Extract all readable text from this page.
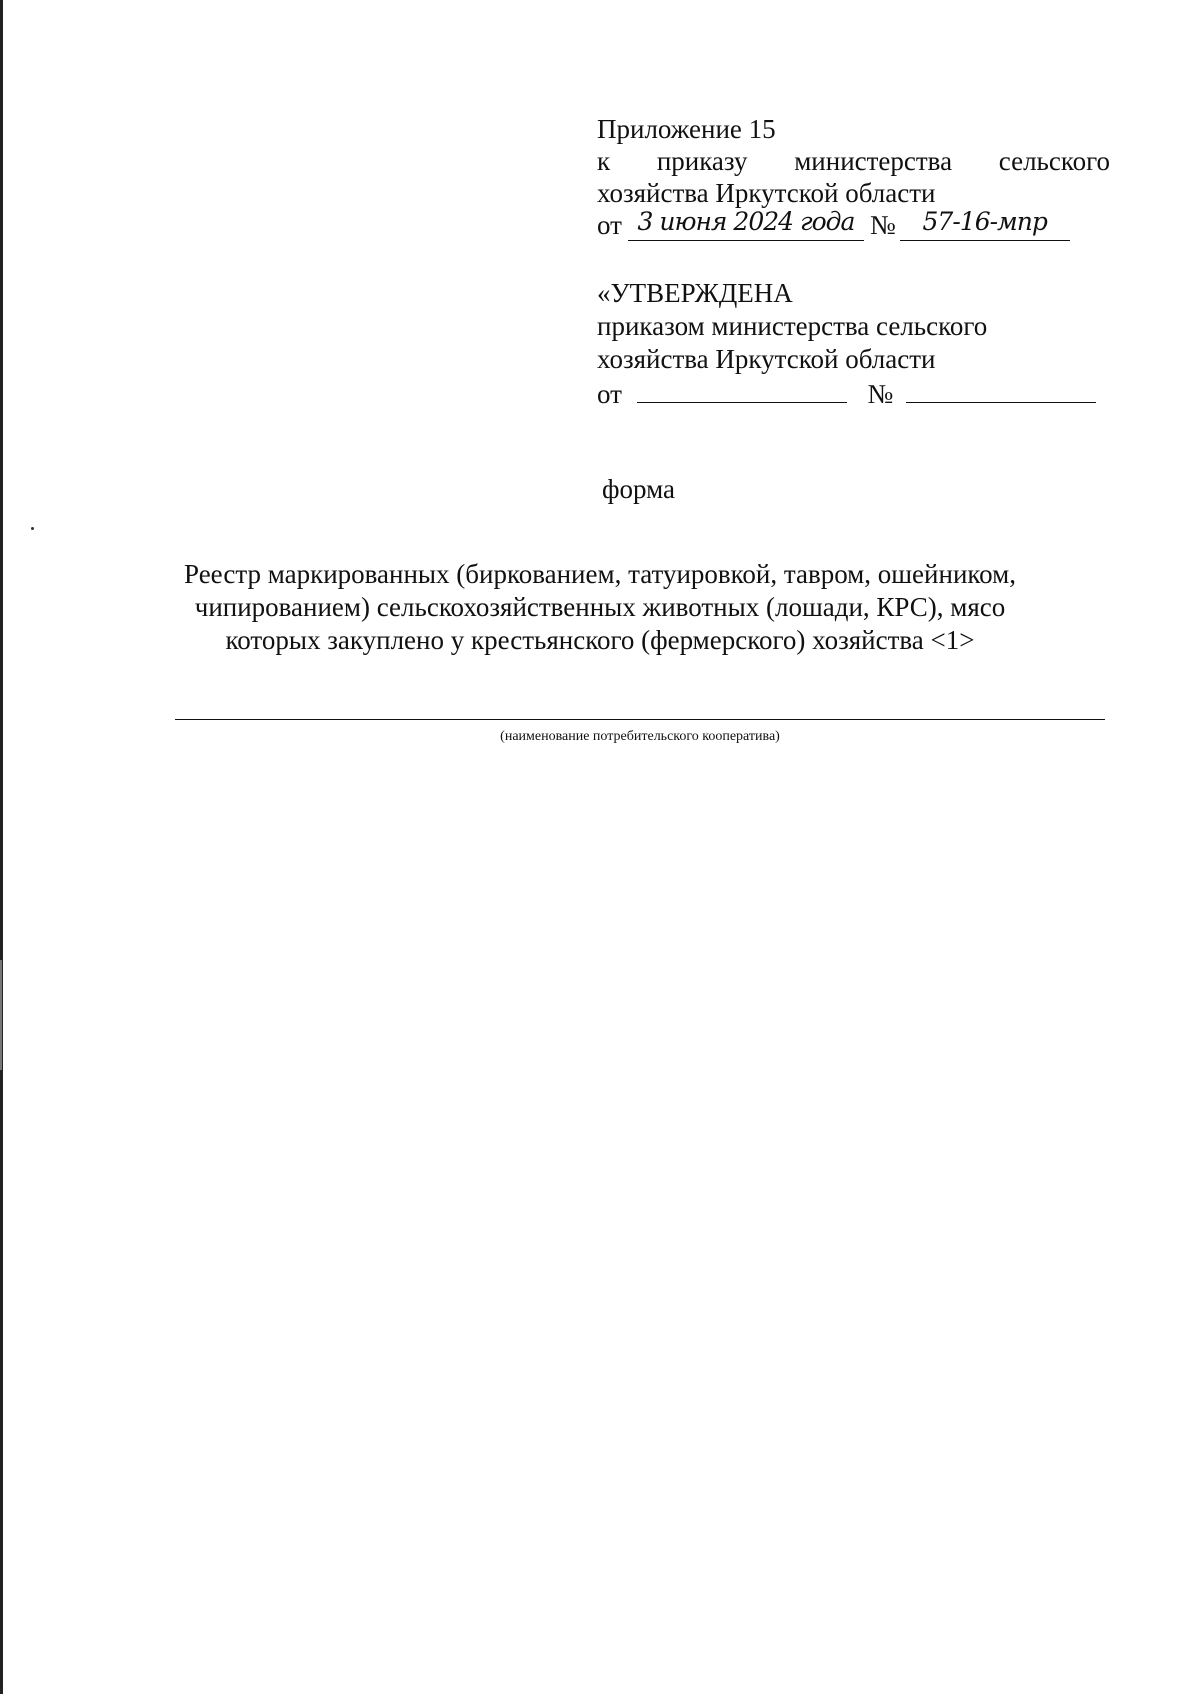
Приложение 15
к приказу министерства сельского
хозяйства Иркутской области
от 3 июня 2024 года №	57-16-мпр
«УТВЕРЖДЕНА
приказом министерства сельского
хозяйства Иркутской области
от	№
форма
Реестр маркированных (биркованием, татуировкой, тавром, ошейником,
чипированием) сельскохозяйственных животных (лошади, КРС), мясо
которых закуплено у крестьянского (фермерского) хозяйства <1>
(наименование потребительского кооператива)
